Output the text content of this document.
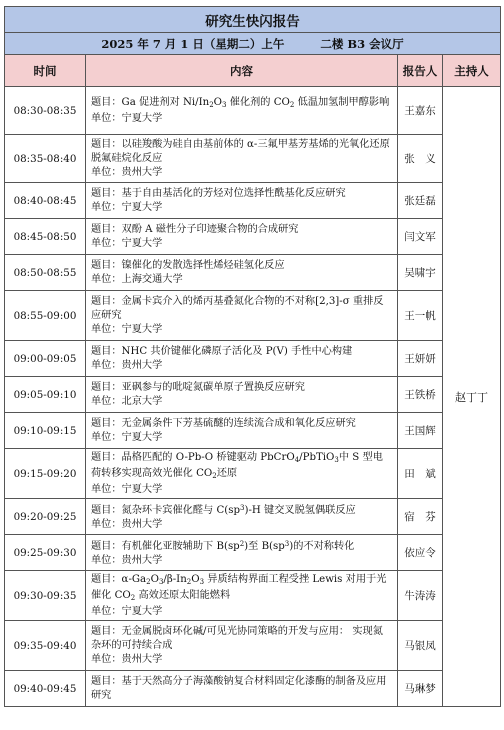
研究生快闪报告			
2025 年 7 月 1 日（星期二）上午 二楼 B3 会议厅			
时间	内容	报告人	主持人
08:30-08:35	题目：Ga 促进剂对 $Ni/In_2O_3$ 催化剂的 $CO_2$ 低温加氢制甲醇影响
单位：宁夏大学	王嘉东	赵丁丁
08:35-08:40	题目：以硅羧酸为硅自由基前体的 α-三氟甲基芳基烯的光氧化还原脱氟硅烷化反应
单位：贵州大学	张　义	
08:40-08:45	题目：基于自由基活化的芳烃对位选择性酰基化反应研究
单位：宁夏大学	张廷磊	
08:45-08:50	题目：双酚 A 磁性分子印迹聚合物的合成研究
单位：宁夏大学	闫文军	
08:50-08:55	题目：镍催化的发散选择性烯烃硅氢化反应
单位：上海交通大学	吴啸宇	
08:55-09:00	题目：金属卡宾介入的烯丙基叠氮化合物的不对称[2,3]-σ 重排反应研究
单位：宁夏大学	王一帆	
09:00-09:05	题目：NHC 共价键催化磷原子活化及 P(V) 手性中心构建
单位：贵州大学	王妍妍	
09:05-09:10	题目：亚砜参与的吡啶氮碳单原子置换反应研究
单位：北京大学	王铁桥	
09:10-09:15	题目：无金属条件下芳基硫醚的连续流合成和氧化反应研究
单位：宁夏大学	王国辉	
09:15-09:20	题目：晶格匹配的 O-Pb-O 桥键驱动 PbCrO$_4$/PbTiO$_3$中 S 型电荷转移实现高效光催化 $CO_2$还原
单位：宁夏大学	田　斌	
09:20-09:25	题目：氮杂环卡宾催化醛与 $C(sp^3)-H$ 键交叉脱氢偶联反应
单位：贵州大学	宿　芬	
09:25-09:30	题目：有机催化亚胺辅助下 $B(sp^2)$至 $B(sp^3)$的不对称转化
单位：贵州大学	依应令	
09:30-09:35	题目：$\alpha-Ga_2O_3/\beta-In_2O_3$ 异质结构界面工程受挫 Lewis 对用于光催化 $CO_2$ 高效还原太阳能燃料
单位：宁夏大学	牛涛涛	
09:35-09:40	题目：无金属脱卤环化碱/可见光协同策略的开发与应用： 实现氮杂环的可持续合成
单位：贵州大学	马银凤	
09:40-09:45	题目：基于天然高分子海藻酸钠复合材料固定化漆酶的制备及应用研究	马琳梦	
